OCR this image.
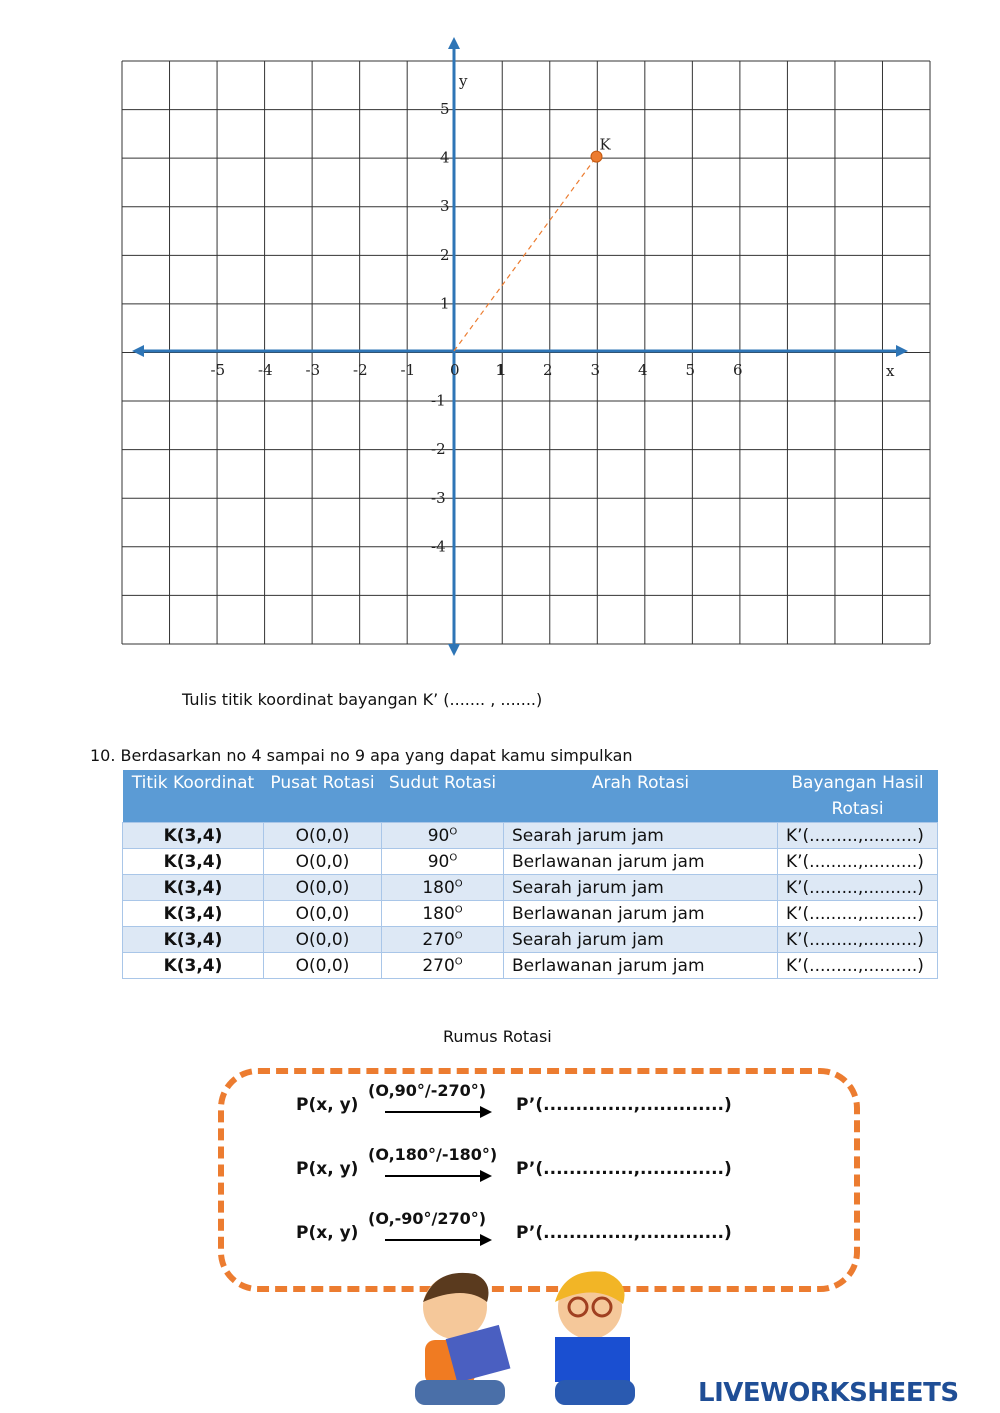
-5 -4 -3 -2 -1 0 1 2	3	4	5	6
5
4
3
2
1
-1
-2
-3
-4
x
y
K
Tulis titik koordinat bayangan K’ (....... , .......)
10. Berdasarkan no 4 sampai no 9 apa yang dapat kamu simpulkan
Titik Koordinat	Pusat Rotasi	Sudut Rotasi	Arah Rotasi	Bayangan Hasil Rotasi
K(3,4)	O(0,0)	$90^O$	Searah jarum jam	K’(.........,..........)
K(3,4)	O(0,0)	$90^O$	Berlawanan jarum jam	K’(.........,..........)
K(3,4)	O(0,0)	$180^O$	Searah jarum jam	K’(.........,..........)
K(3,4)	O(0,0)	$180^O$	Berlawanan jarum jam	K’(.........,..........)
K(3,4)	O(0,0)	$270^O$	Searah jarum jam	K’(.........,..........)
K(3,4)	O(0,0)	$270^O$	Berlawanan jarum jam	K’(.........,..........)
Rumus Rotasi
P(x, y)
(O,90°/-270°)
P’(..............,.............)
P(x, y)
(O,180°/-180°)
P’(..............,.............)
P(x, y)
(O,-90°/270°)
P’(..............,.............)
LIVEWORKSHEETS
